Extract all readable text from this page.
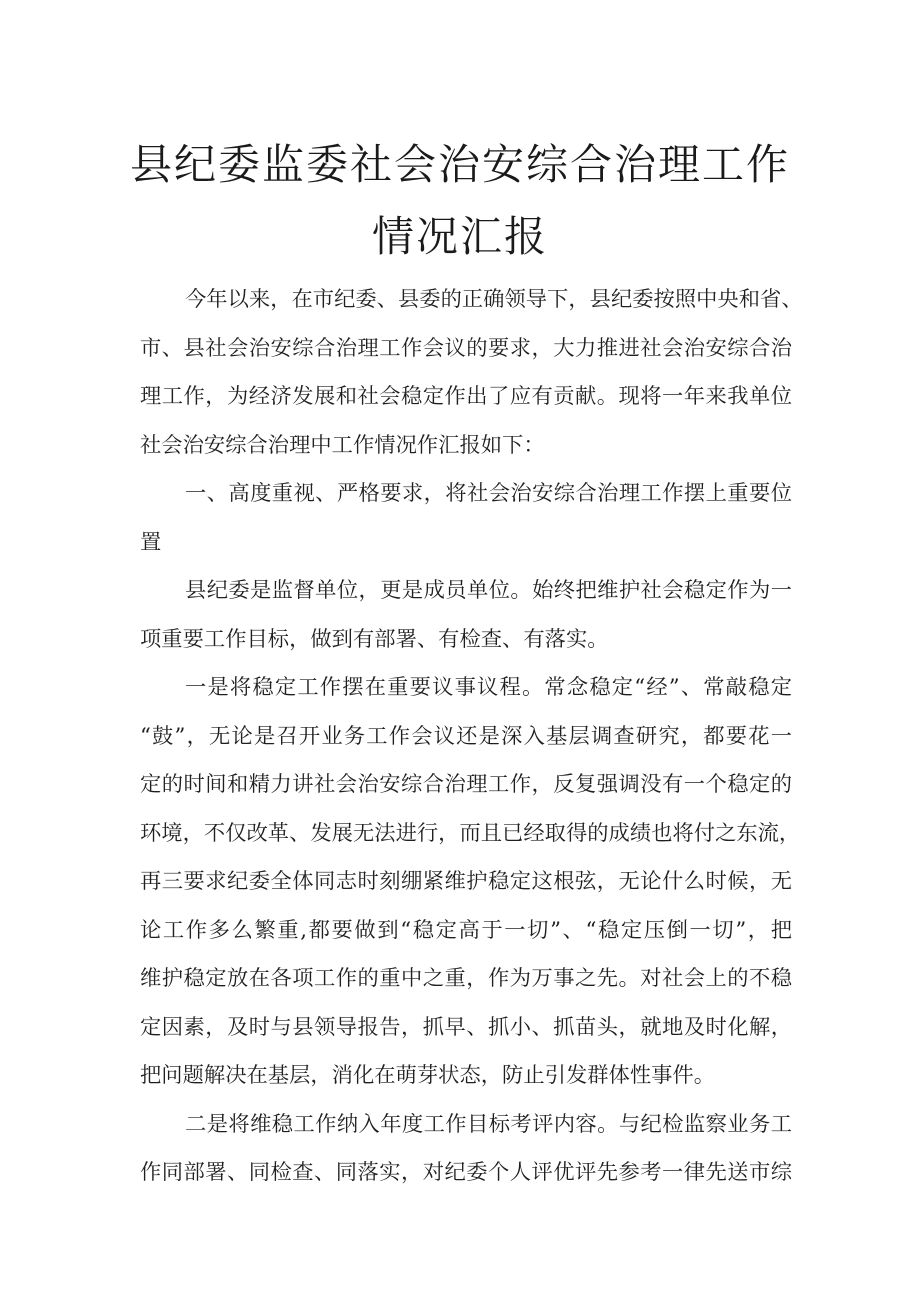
县纪委监委社会治安综合治理工作
情况汇报
今年以来，在市纪委、县委的正确领导下，县纪委按照中央和省、
市、县社会治安综合治理工作会议的要求，大力推进社会治安综合治
理工作，为经济发展和社会稳定作出了应有贡献。现将一年来我单位
社会治安综合治理中工作情况作汇报如下：
一、高度重视、严格要求，将社会治安综合治理工作摆上重要位
置
县纪委是监督单位，更是成员单位。始终把维护社会稳定作为一
项重要工作目标，做到有部署、有检查、有落实。
一是将稳定工作摆在重要议事议程。常念稳定“经”、常敲稳定
“鼓”，无论是召开业务工作会议还是深入基层调查研究，都要花一
定的时间和精力讲社会治安综合治理工作，反复强调没有一个稳定的
环境，不仅改革、发展无法进行，而且已经取得的成绩也将付之东流，
再三要求纪委全体同志时刻绷紧维护稳定这根弦，无论什么时候，无
论工作多么繁重,都要做到“稳定高于一切”、“稳定压倒一切”，把
维护稳定放在各项工作的重中之重，作为万事之先。对社会上的不稳
定因素，及时与县领导报告，抓早、抓小、抓苗头，就地及时化解，
把问题解决在基层，消化在萌芽状态，防止引发群体性事件。
二是将维稳工作纳入年度工作目标考评内容。与纪检监察业务工
作同部署、同检查、同落实，对纪委个人评优评先参考一律先送市综
